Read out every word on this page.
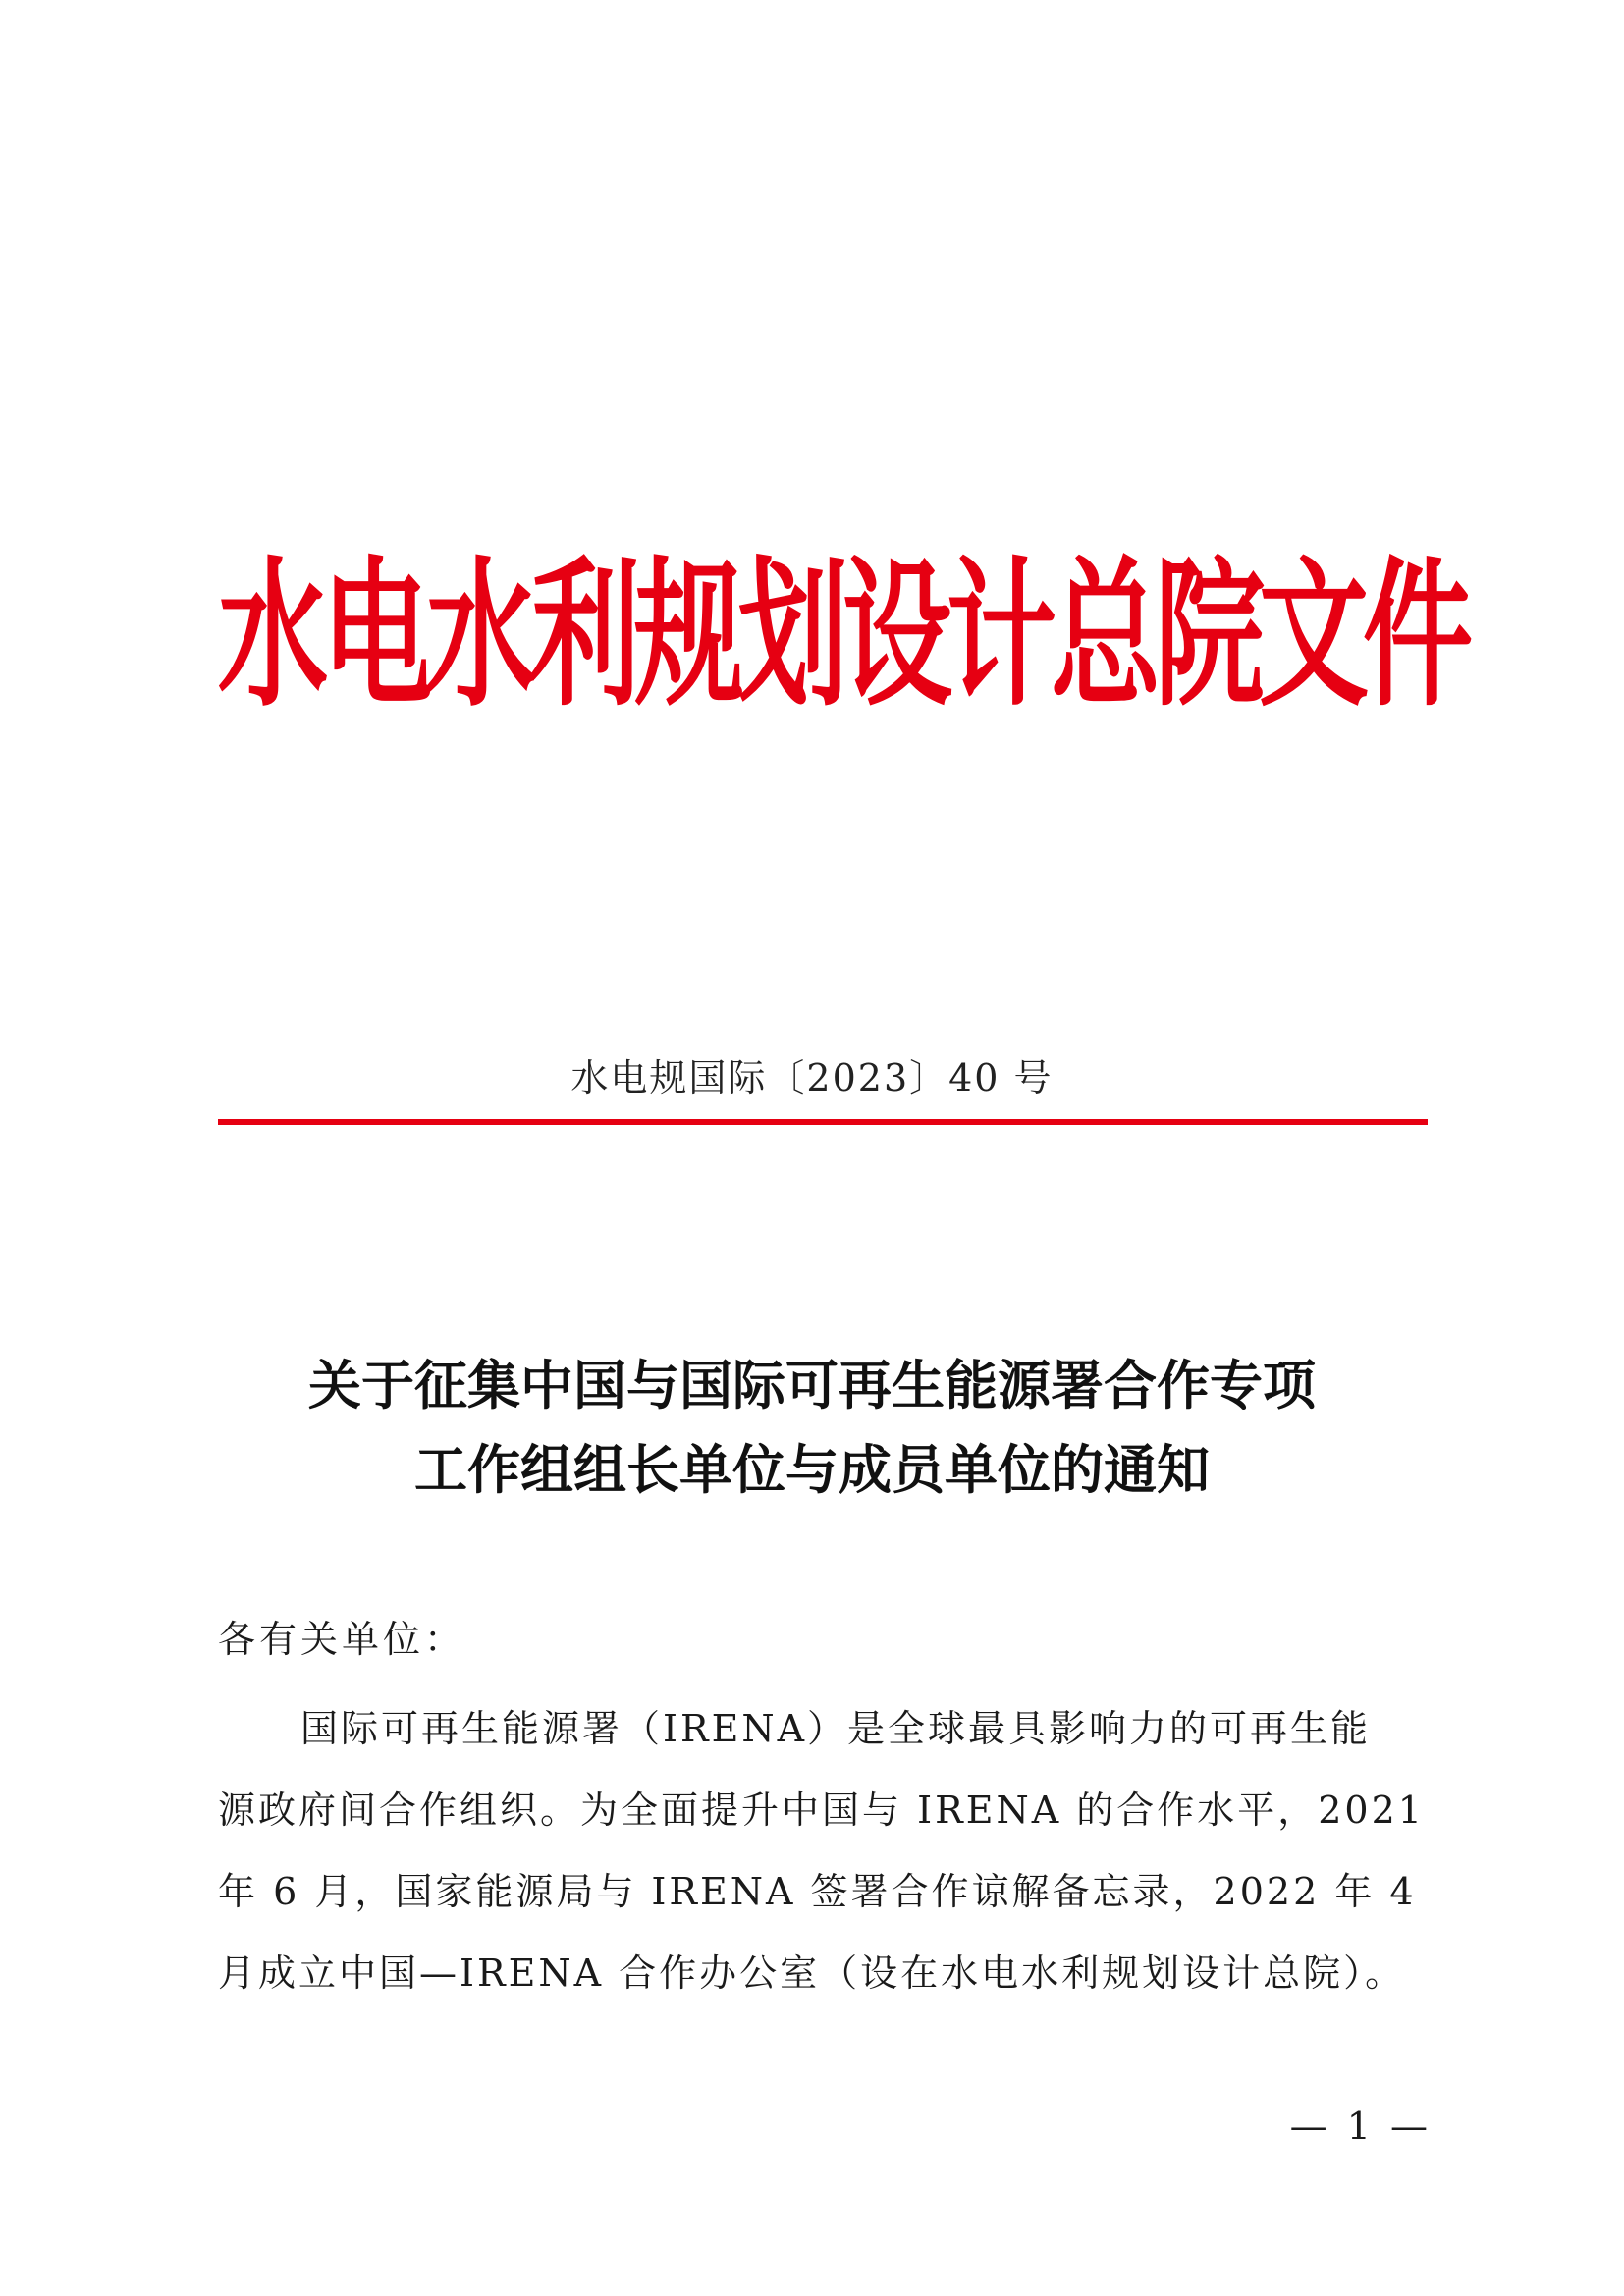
水电水利规划设计总院文件
水电规国际〔2023〕40 号
关于征集中国与国际可再生能源署合作专项
工作组组长单位与成员单位的通知
各有关单位：
国际可再生能源署（IRENA）是全球最具影响力的可再生能
源政府间合作组织。为全面提升中国与 IRENA 的合作水平，2021
年 6 月，国家能源局与 IRENA 签署合作谅解备忘录，2022 年 4
月成立中国—IRENA 合作办公室（设在水电水利规划设计总院）。
— 1 —
